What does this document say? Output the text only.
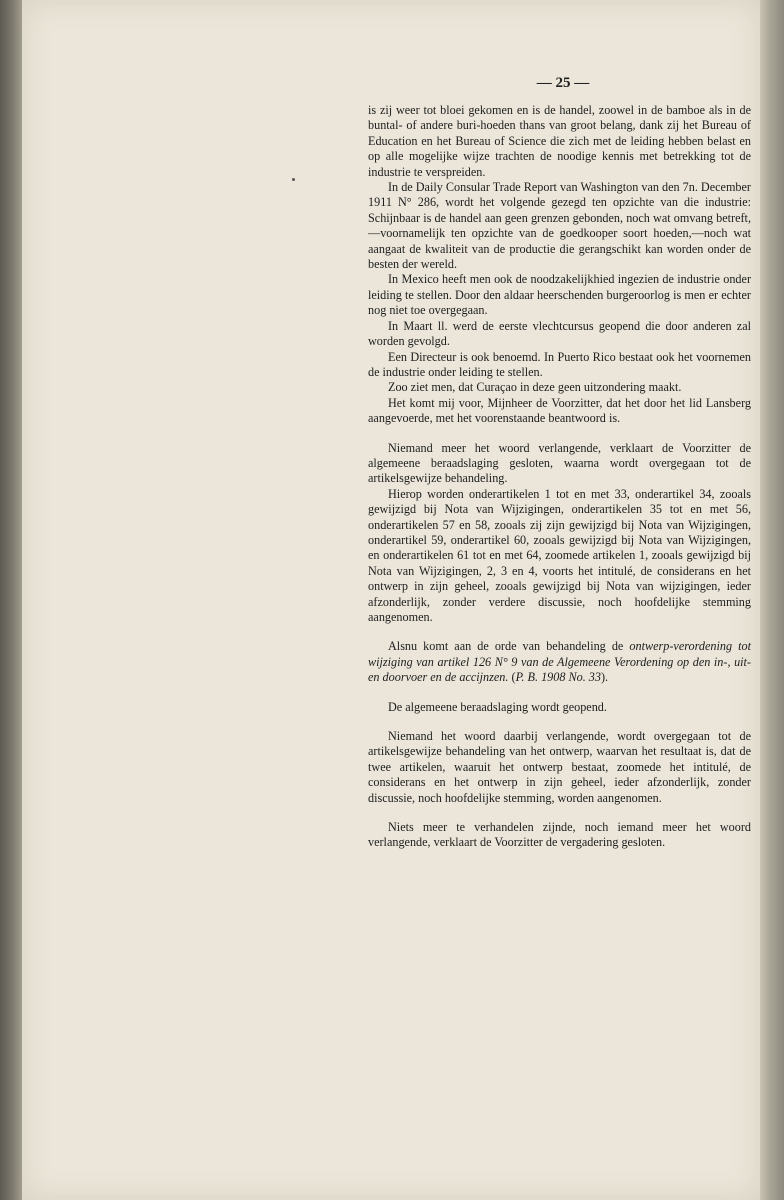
— 25 —

is zij weer tot bloei gekomen en is de handel, zoowel in de bamboe als in de buntal- of andere buri-hoeden thans van groot belang, dank zij het Bureau of Education en het Bureau of Science die zich met de leiding hebben belast en op alle mogelijke wijze trachten de noodige kennis met betrekking tot de industrie te verspreiden.

In de Daily Consular Trade Report van Washington van den 7n. December 1911 N° 286, wordt het volgende gezegd ten opzichte van die industrie: Schijnbaar is de handel aan geen grenzen gebonden, noch wat omvang betreft,—voornamelijk ten opzichte van de goedkooper soort hoeden,—noch wat aangaat de kwaliteit van de productie die gerangschikt kan worden onder de besten der wereld.

In Mexico heeft men ook de noodzakelijkhied ingezien de industrie onder leiding te stellen. Door den aldaar heerschenden burgeroorlog is men er echter nog niet toe overgegaan.

In Maart ll. werd de eerste vlechtcursus geopend die door anderen zal worden gevolgd.

Een Directeur is ook benoemd. In Puerto Rico bestaat ook het voornemen de industrie onder leiding te stellen.

Zoo ziet men, dat Curaçao in deze geen uitzondering maakt.

Het komt mij voor, Mijnheer de Voorzitter, dat het door het lid Lansberg aangevoerde, met het voorenstaande beantwoord is.

Niemand meer het woord verlangende, verklaart de Voorzitter de algemeene beraadslaging gesloten, waarna wordt overgegaan tot de artikelsgewijze behandeling.

Hierop worden onderartikelen 1 tot en met 33, onderartikel 34, zooals gewijzigd bij Nota van Wijzigingen, onderartikelen 35 tot en met 56, onderartikelen 57 en 58, zooals zij zijn gewijzigd bij Nota van Wijzigingen, onderartikel 59, onderartikel 60, zooals gewijzigd bij Nota van Wijzigingen, en onderartikelen 61 tot en met 64, zoomede artikelen 1, zooals gewijzigd bij Nota van Wijzigingen, 2, 3 en 4, voorts het intitulé, de considerans en het ontwerp in zijn geheel, zooals gewijzigd bij Nota van wijzigingen, ieder afzonderlijk, zonder verdere discussie, noch hoofdelijke stemming aangenomen.

Alsnu komt aan de orde van behandeling de ontwerp-verordening tot wijziging van artikel 126 N° 9 van de Algemeene Verordening op den in-, uit- en doorvoer en de accijnzen. (P. B. 1908 No. 33).

De algemeene beraadslaging wordt geopend.

Niemand het woord daarbij verlangende, wordt overgegaan tot de artikelsgewijze behandeling van het ontwerp, waarvan het resultaat is, dat de twee artikelen, waaruit het ontwerp bestaat, zoomede het intitulé, de considerans en het ontwerp in zijn geheel, ieder afzonderlijk, zonder discussie, noch hoofdelijke stemming, worden aangenomen.

Niets meer te verhandelen zijnde, noch iemand meer het woord verlangende, verklaart de Voorzitter de vergadering gesloten.
